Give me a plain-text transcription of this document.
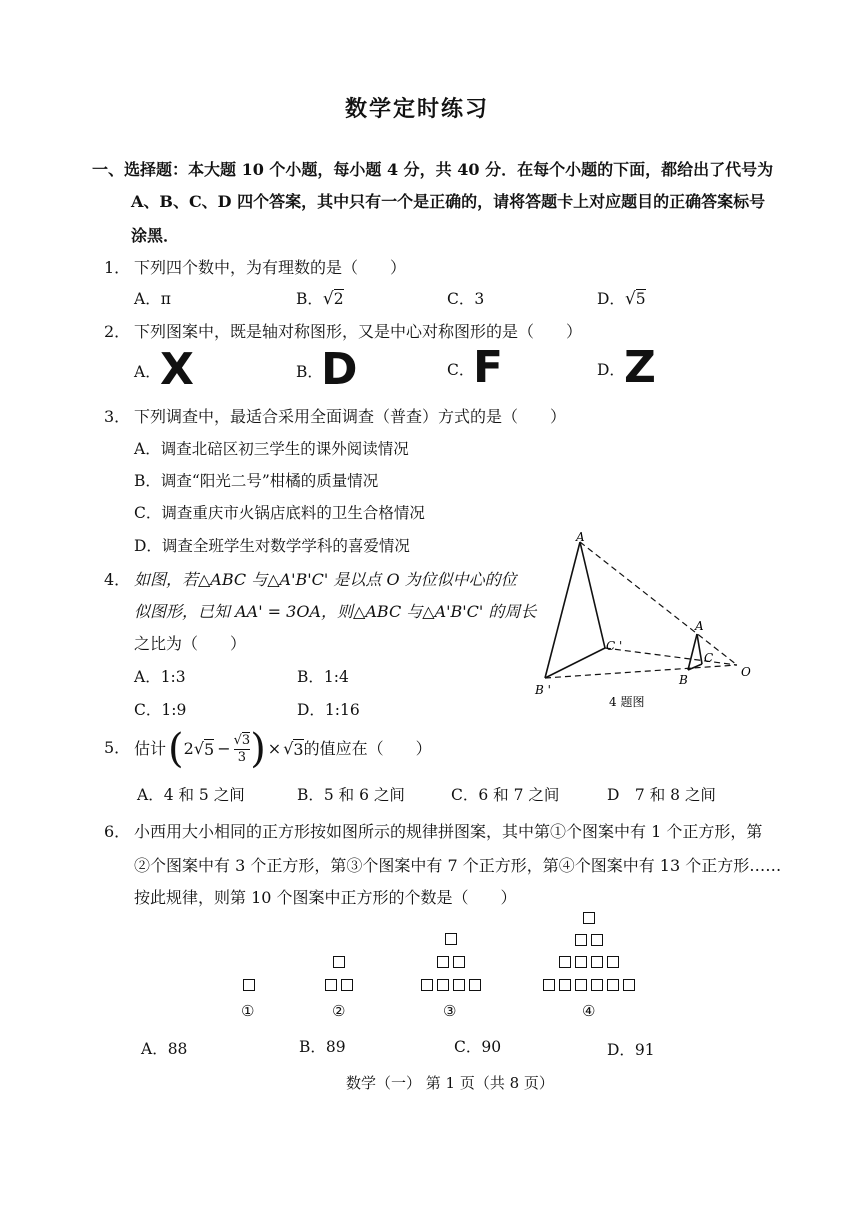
数学定时练习
一、选择题：本大题 10 个小题，每小题 4 分，共 40 分．在每个小题的下面，都给出了代号为
A、B、C、D 四个答案，其中只有一个是正确的，请将答题卡上对应题目的正确答案标号
涂黑．
1． 下列四个数中，为有理数的是（　　）
A．π	B．√2	C．3	D．√5
2． 下列图案中，既是轴对称图形，又是中心对称图形的是（　　）
A． X	B．
D	C．
F	D． Z
3． 下列调查中，最适合采用全面调查（普查）方式的是（　　）
A．调查北碚区初三学生的课外阅读情况
B．调查“阳光二号”柑橘的质量情况
C．调查重庆市火锅店底料的卫生合格情况
D．调查全班学生对数学学科的喜爱情况
4． 如图，若△ABC 与△A'B'C' 是以点 O 为位似中心的位
似图形，已知 AA' = 3OA，则△ABC 与△A'B'C' 的周长
之比为（　　）
A．1:3	B．1:4
C．1:9	D．1:16
A
B '
C '
A
B
C
O
4 题图
5． 估计 ( 2 √ $5 - \frac{√3}{3}$ ) × √ 3 的值应在（　　）
A．4 和 5 之间	B．5 和 6 之间	C．6 和 7 之间	D　7 和 8 之间
6． 小西用大小相同的正方形按如图所示的规律拼图案，其中第①个图案中有 1 个正方形，第
②个图案中有 3 个正方形，第③个图案中有 7 个正方形，第④个图案中有 13 个正方形……
按此规律，则第 10 个图案中正方形的个数是（　　）
①	②	③	④
A．88	B．89	C．90	D．91
数学（一） 第 1 页（共 8 页）
